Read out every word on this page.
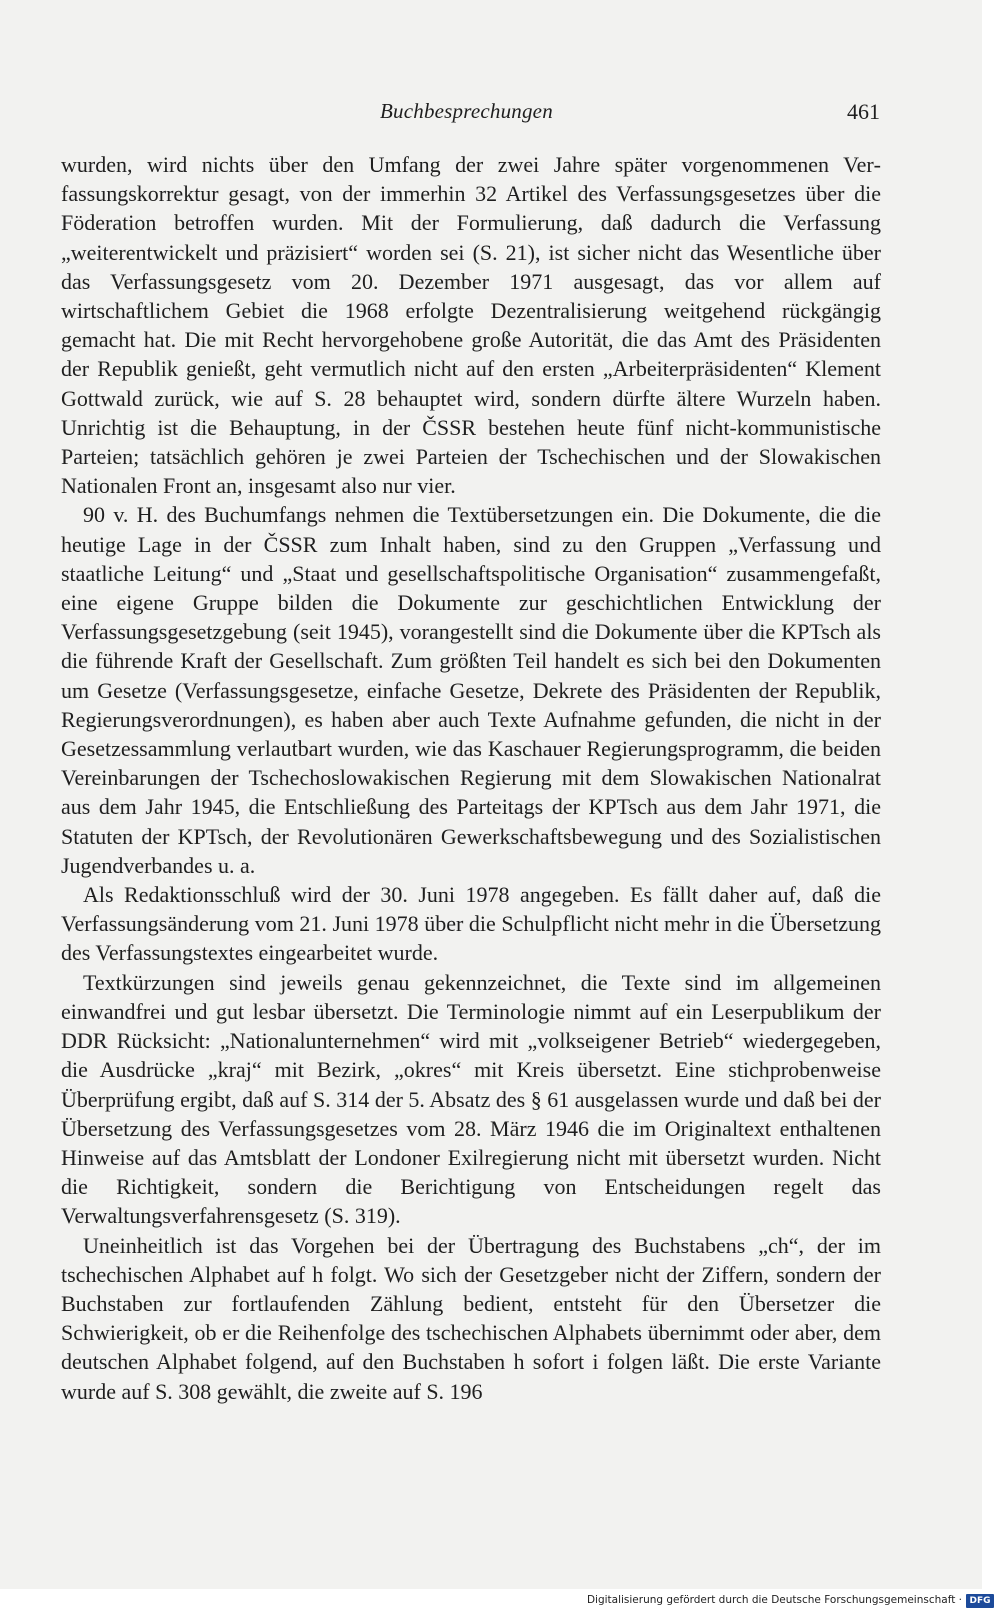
Buchbesprechungen	461

wurden, wird nichts über den Umfang der zwei Jahre später vorgenommenen Verfassungskorrektur gesagt, von der immerhin 32 Artikel des Verfassungsgesetzes über die Föderation betroffen wurden. Mit der Formulierung, daß dadurch die Verfassung „weiterentwickelt und präzisiert“ worden sei (S. 21), ist sicher nicht das Wesentliche über das Verfassungsgesetz vom 20. Dezember 1971 ausgesagt, das vor allem auf wirtschaftlichem Gebiet die 1968 erfolgte Dezentralisierung weitgehend rückgängig gemacht hat. Die mit Recht hervorgehobene große Autorität, die das Amt des Präsidenten der Republik genießt, geht vermutlich nicht auf den ersten „Arbeiterpräsidenten“ Klement Gottwald zurück, wie auf S. 28 behauptet wird, sondern dürfte ältere Wurzeln haben. Unrichtig ist die Behauptung, in der ČSSR bestehen heute fünf nicht-kommunistische Parteien; tatsächlich gehören je zwei Parteien der Tschechischen und der Slowakischen Nationalen Front an, insgesamt also nur vier.

90 v. H. des Buchumfangs nehmen die Textübersetzungen ein. Die Dokumente, die die heutige Lage in der ČSSR zum Inhalt haben, sind zu den Gruppen „Verfassung und staatliche Leitung“ und „Staat und gesellschaftspolitische Organisation“ zusammengefaßt, eine eigene Gruppe bilden die Dokumente zur geschichtlichen Entwicklung der Verfassungsgesetzgebung (seit 1945), vorangestellt sind die Dokumente über die KPTsch als die führende Kraft der Gesellschaft. Zum größten Teil handelt es sich bei den Dokumenten um Gesetze (Verfassungsgesetze, einfache Gesetze, Dekrete des Präsidenten der Republik, Regierungsverordnungen), es haben aber auch Texte Aufnahme gefunden, die nicht in der Gesetzessammlung verlautbart wurden, wie das Kaschauer Regierungsprogramm, die beiden Vereinbarungen der Tschechoslowakischen Regierung mit dem Slowakischen Nationalrat aus dem Jahr 1945, die Entschließung des Parteitags der KPTsch aus dem Jahr 1971, die Statuten der KPTsch, der Revolutionären Gewerkschaftsbewegung und des Sozialistischen Jugendverbandes u. a.

Als Redaktionsschluß wird der 30. Juni 1978 angegeben. Es fällt daher auf, daß die Verfassungsänderung vom 21. Juni 1978 über die Schulpflicht nicht mehr in die Übersetzung des Verfassungstextes eingearbeitet wurde.

Textkürzungen sind jeweils genau gekennzeichnet, die Texte sind im allgemeinen einwandfrei und gut lesbar übersetzt. Die Terminologie nimmt auf ein Leserpublikum der DDR Rücksicht: „Nationalunternehmen“ wird mit „volkseigener Betrieb“ wiedergegeben, die Ausdrücke „kraj“ mit Bezirk, „okres“ mit Kreis übersetzt. Eine stichprobenweise Überprüfung ergibt, daß auf S. 314 der 5. Absatz des § 61 ausgelassen wurde und daß bei der Übersetzung des Verfassungsgesetzes vom 28. März 1946 die im Originaltext enthaltenen Hinweise auf das Amtsblatt der Londoner Exilregierung nicht mit übersetzt wurden. Nicht die Richtigkeit, sondern die Berichtigung von Entscheidungen regelt das Verwaltungsverfahrensgesetz (S. 319).

Uneinheitlich ist das Vorgehen bei der Übertragung des Buchstabens „ch“, der im tschechischen Alphabet auf h folgt. Wo sich der Gesetzgeber nicht der Ziffern, sondern der Buchstaben zur fortlaufenden Zählung bedient, entsteht für den Übersetzer die Schwierigkeit, ob er die Reihenfolge des tschechischen Alphabets übernimmt oder aber, dem deutschen Alphabet folgend, auf den Buchstaben h sofort i folgen läßt. Die erste Variante wurde auf S. 308 gewählt, die zweite auf S. 196

Digitalisierung gefördert durch die Deutsche Forschungsgemeinschaft · DFG
